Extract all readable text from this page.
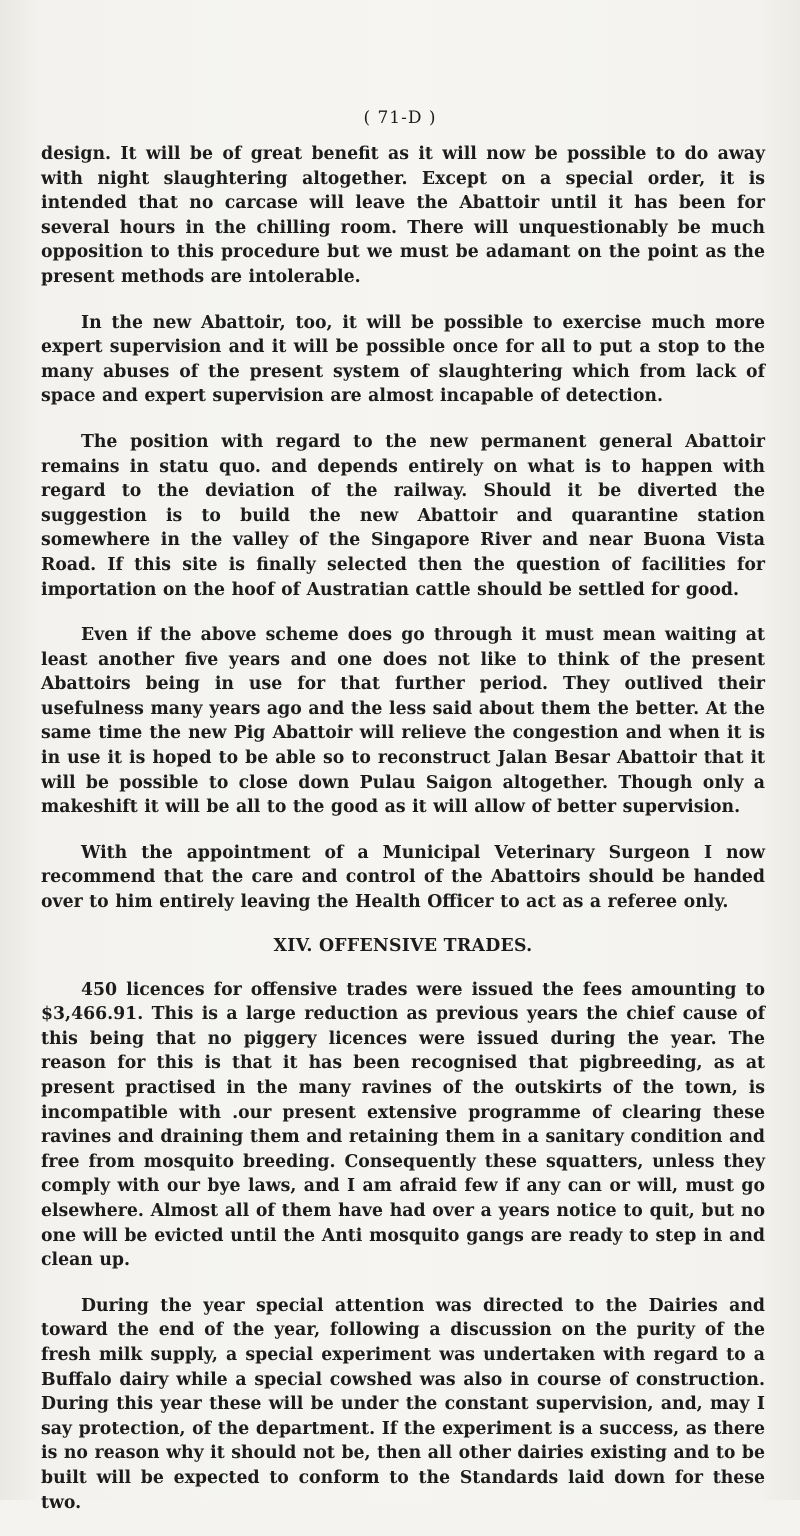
( 71-D )

design. It will be of great benefit as it will now be possible to do away with night slaughtering altogether. Except on a special order, it is intended that no carcase will leave the Abattoir until it has been for several hours in the chilling room. There will unquestionably be much opposition to this procedure but we must be adamant on the point as the present methods are intolerable.

In the new Abattoir, too, it will be possible to exercise much more expert supervision and it will be possible once for all to put a stop to the many abuses of the present system of slaughtering which from lack of space and expert supervision are almost incapable of detection.

The position with regard to the new permanent general Abattoir remains in statu quo. and depends entirely on what is to happen with regard to the deviation of the railway. Should it be diverted the suggestion is to build the new Abattoir and quarantine station somewhere in the valley of the Singapore River and near Buona Vista Road. If this site is finally selected then the question of facilities for importation on the hoof of Austratian cattle should be settled for good.

Even if the above scheme does go through it must mean waiting at least another five years and one does not like to think of the present Abattoirs being in use for that further period. They outlived their usefulness many years ago and the less said about them the better. At the same time the new Pig Abattoir will relieve the congestion and when it is in use it is hoped to be able so to reconstruct Jalan Besar Abattoir that it will be possible to close down Pulau Saigon altogether. Though only a makeshift it will be all to the good as it will allow of better supervision.

With the appointment of a Municipal Veterinary Surgeon I now recommend that the care and control of the Abattoirs should be handed over to him entirely leaving the Health Officer to act as a referee only.

XIV. OFFENSIVE TRADES.

450 licences for offensive trades were issued the fees amounting to $3,466.91. This is a large reduction as previous years the chief cause of this being that no piggery licences were issued during the year. The reason for this is that it has been recognised that pigbreeding, as at present practised in the many ravines of the outskirts of the town, is incompatible with .our present extensive programme of clearing these ravines and draining them and retaining them in a sanitary condition and free from mosquito breeding. Consequently these squatters, unless they comply with our bye laws, and I am afraid few if any can or will, must go elsewhere. Almost all of them have had over a years notice to quit, but no one will be evicted until the Anti mosquito gangs are ready to step in and clean up.

During the year special attention was directed to the Dairies and toward the end of the year, following a discussion on the purity of the fresh milk supply, a special experiment was undertaken with regard to a Buffalo dairy while a special cowshed was also in course of construction. During this year these will be under the constant supervision, and, may I say protection, of the department. If the experiment is a success, as there is no reason why it should not be, then all other dairies existing and to be built will be expected to conform to the Standards laid down for these two.
